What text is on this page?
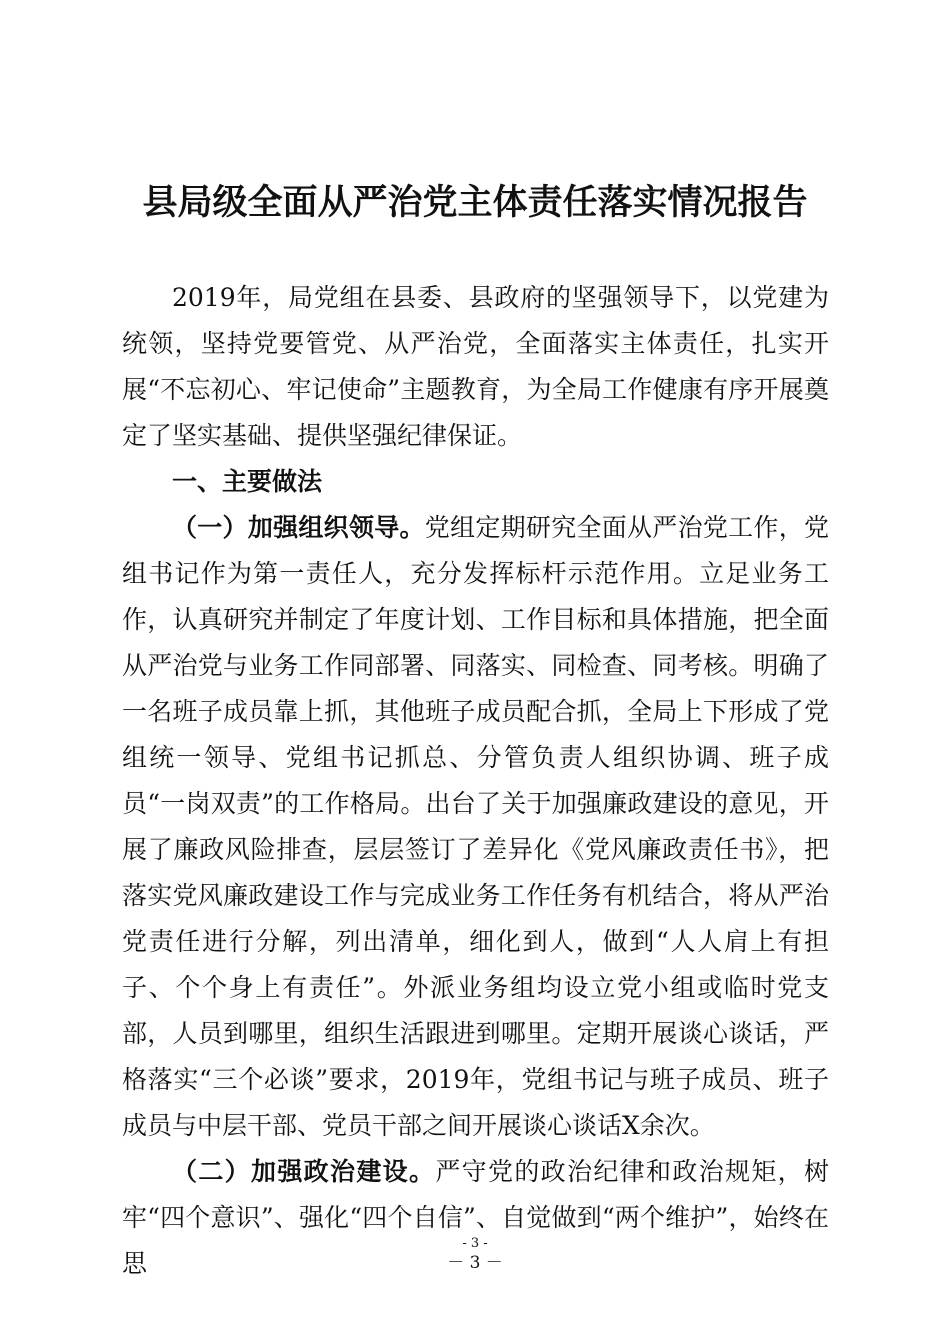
县局级全面从严治党主体责任落实情况报告

2019年，局党组在县委、县政府的坚强领导下，以党建为统领，坚持党要管党、从严治党，全面落实主体责任，扎实开展“不忘初心、牢记使命”主题教育，为全局工作健康有序开展奠定了坚实基础、提供坚强纪律保证。

一、主要做法

（一）加强组织领导。党组定期研究全面从严治党工作，党组书记作为第一责任人，充分发挥标杆示范作用。立足业务工作，认真研究并制定了年度计划、工作目标和具体措施，把全面从严治党与业务工作同部署、同落实、同检查、同考核。明确了一名班子成员靠上抓，其他班子成员配合抓，全局上下形成了党组统一领导、党组书记抓总、分管负责人组织协调、班子成员“一岗双责”的工作格局。出台了关于加强廉政建设的意见，开展了廉政风险排查，层层签订了差异化《党风廉政责任书》，把落实党风廉政建设工作与完成业务工作任务有机结合，将从严治党责任进行分解，列出清单，细化到人，做到“人人肩上有担子、个个身上有责任”。外派业务组均设立党小组或临时党支部，人员到哪里，组织生活跟进到哪里。定期开展谈心谈话，严格落实“三个必谈”要求，2019年，党组书记与班子成员、班子成员与中层干部、党员干部之间开展谈心谈话X余次。

（二）加强政治建设。严守党的政治纪律和政治规矩，树牢“四个意识”、强化“四个自信”、自觉做到“两个维护”，始终在思

- 3 -
－ 3 －
